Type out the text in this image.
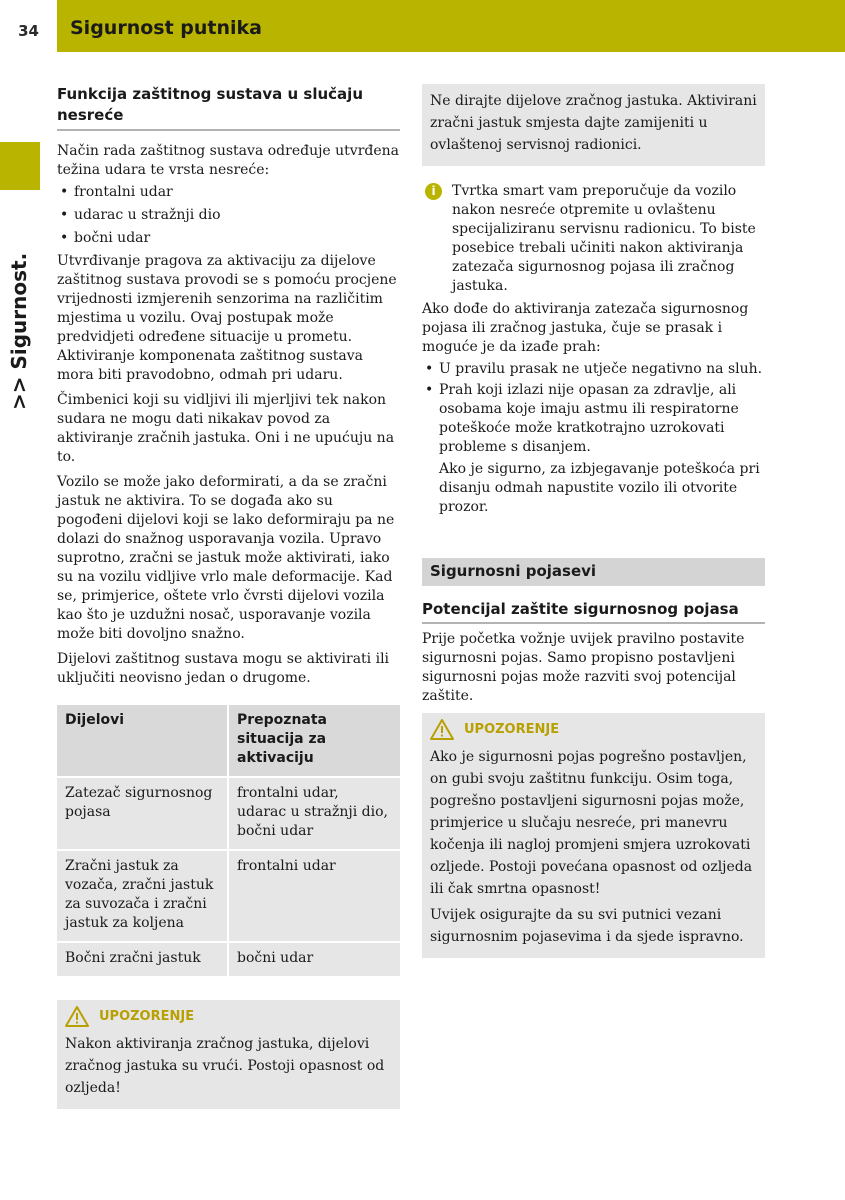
34	Sigurnost putnika
>> Sigurnost.
Funkcija zaštitnog sustava u slučaju nesreće

Način rada zaštitnog sustava određuje utvrđena težina udara te vrsta nesreće:

• frontalni udar
• udarac u stražnji dio
• bočni udar

Utvrđivanje pragova za aktivaciju za dijelove zaštitnog sustava provodi se s pomoću procjene vrijednosti izmjerenih senzorima na različitim mjestima u vozilu. Ovaj postupak može predvidjeti određene situacije u prometu. Aktiviranje komponenata zaštitnog sustava mora biti pravodobno, odmah pri udaru.

Čimbenici koji su vidljivi ili mjerljivi tek nakon sudara ne mogu dati nikakav povod za aktiviranje zračnih jastuka. Oni i ne upućuju na to.

Vozilo se može jako deformirati, a da se zračni jastuk ne aktivira. To se događa ako su pogođeni dijelovi koji se lako deformiraju pa ne dolazi do snažnog usporavanja vozila. Upravo suprotno, zračni se jastuk može aktivirati, iako su na vozilu vidljive vrlo male deformacije. Kad se, primjerice, oštete vrlo čvrsti dijelovi vozila kao što je uzdužni nosač, usporavanje vozila može biti dovoljno snažno.

Dijelovi zaštitnog sustava mogu se aktivirati ili uključiti neovisno jedan o drugome.

Dijelovi	Prepoznata situacija za aktivaciju
Zatezač sigurnosnog pojasa	frontalni udar, udarac u stražnji dio, bočni udar
Zračni jastuk za vozača, zračni jastuk za suvozača i zračni jastuk za koljena	frontalni udar
Bočni zračni jastuk	bočni udar
UPOZORENJE

Nakon aktiviranja zračnog jastuka, dijelovi zračnog jastuka su vrući. Postoji opasnost od ozljeda!

Ne dirajte dijelove zračnog jastuka. Aktivirani zračni jastuk smjesta dajte zamijeniti u ovlaštenoj servisnoj radionici.

i	Tvrtka smart vam preporučuje da vozilo nakon nesreće otpremite u ovlaštenu specijaliziranu servisnu radionicu. To biste posebice trebali učiniti nakon aktiviranja zatezača sigurnosnog pojasa ili zračnog jastuka.

Ako dođe do aktiviranja zatezača sigurnosnog pojasa ili zračnog jastuka, čuje se prasak i moguće je da izađe prah:

• U pravilu prasak ne utječe negativno na sluh.
• Prah koji izlazi nije opasan za zdravlje, ali osobama koje imaju astmu ili respiratorne poteškoće može kratkotrajno uzrokovati probleme s disanjem.

Ako je sigurno, za izbjegavanje poteškoća pri disanju odmah napustite vozilo ili otvorite prozor.

Sigurnosni pojasevi
Potencijal zaštite sigurnosnog pojasa

Prije početka vožnje uvijek pravilno postavite sigurnosni pojas. Samo propisno postavljeni sigurnosni pojas može razviti svoj potencijal zaštite.

UPOZORENJE

Ako je sigurnosni pojas pogrešno postavljen, on gubi svoju zaštitnu funkciju. Osim toga, pogrešno postavljeni sigurnosni pojas može, primjerice u slučaju nesreće, pri manevru kočenja ili naglој promjeni smjera uzrokovati ozljede. Postoji povećana opasnost od ozljeda ili čak smrtna opasnost!

Uvijek osigurajte da su svi putnici vezani sigurnosnim pojasevima i da sjede ispravno.
